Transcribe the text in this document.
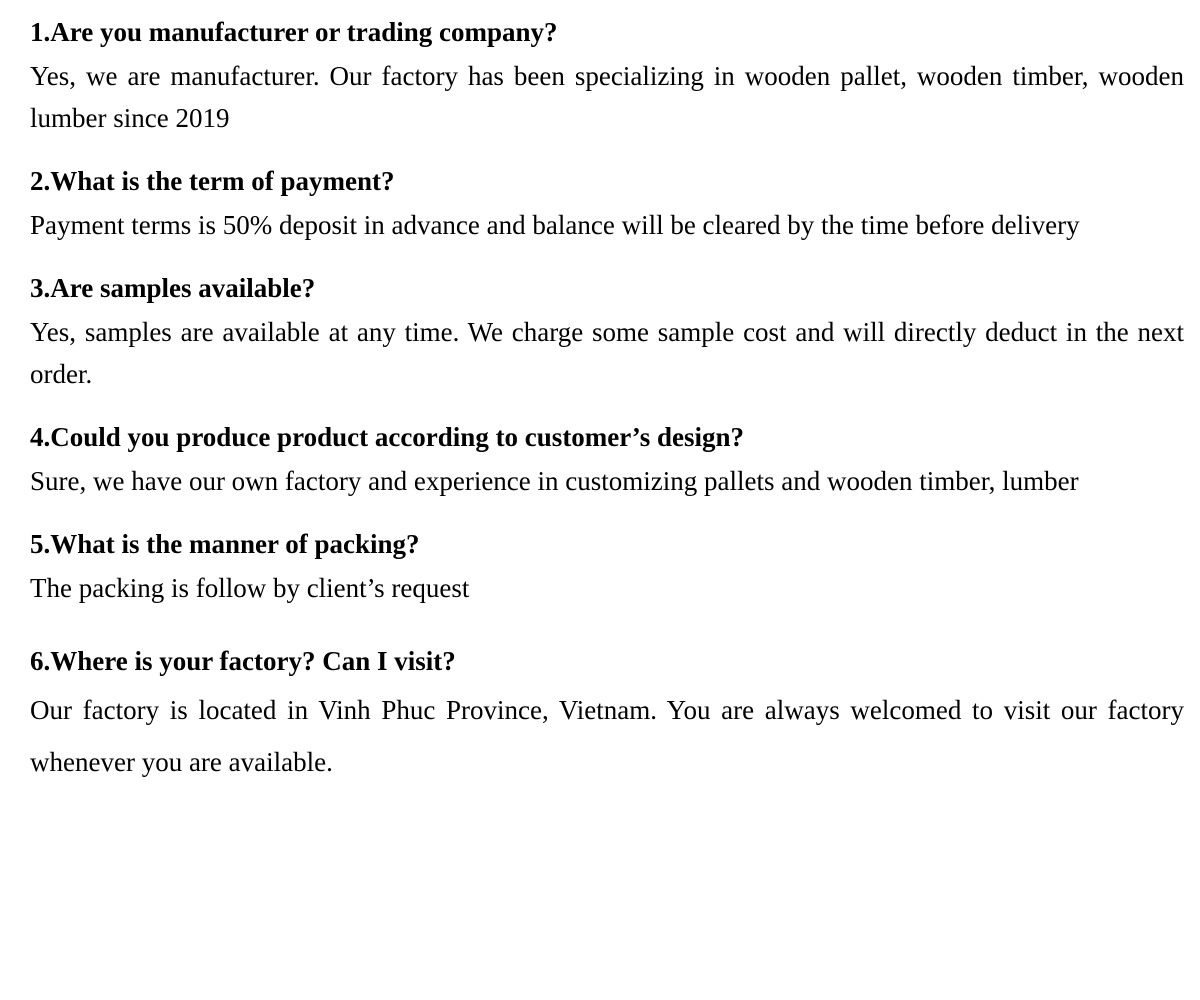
1.Are you manufacturer or trading company?

Yes, we are manufacturer. Our factory has been specializing in wooden pallet, wooden timber, wooden lumber since 2019

2.What is the term of payment?

Payment terms is 50% deposit in advance and balance will be cleared by the time before delivery

3.Are samples available?

Yes, samples are available at any time. We charge some sample cost and will directly deduct in the next order.

4.Could you produce product according to customer’s design?

Sure, we have our own factory and experience in customizing pallets and wooden timber, lumber

5.What is the manner of packing?

The packing is follow by client’s request

6.Where is your factory? Can I visit?

Our factory is located in Vinh Phuc Province, Vietnam. You are always welcomed to visit our factory whenever you are available.
